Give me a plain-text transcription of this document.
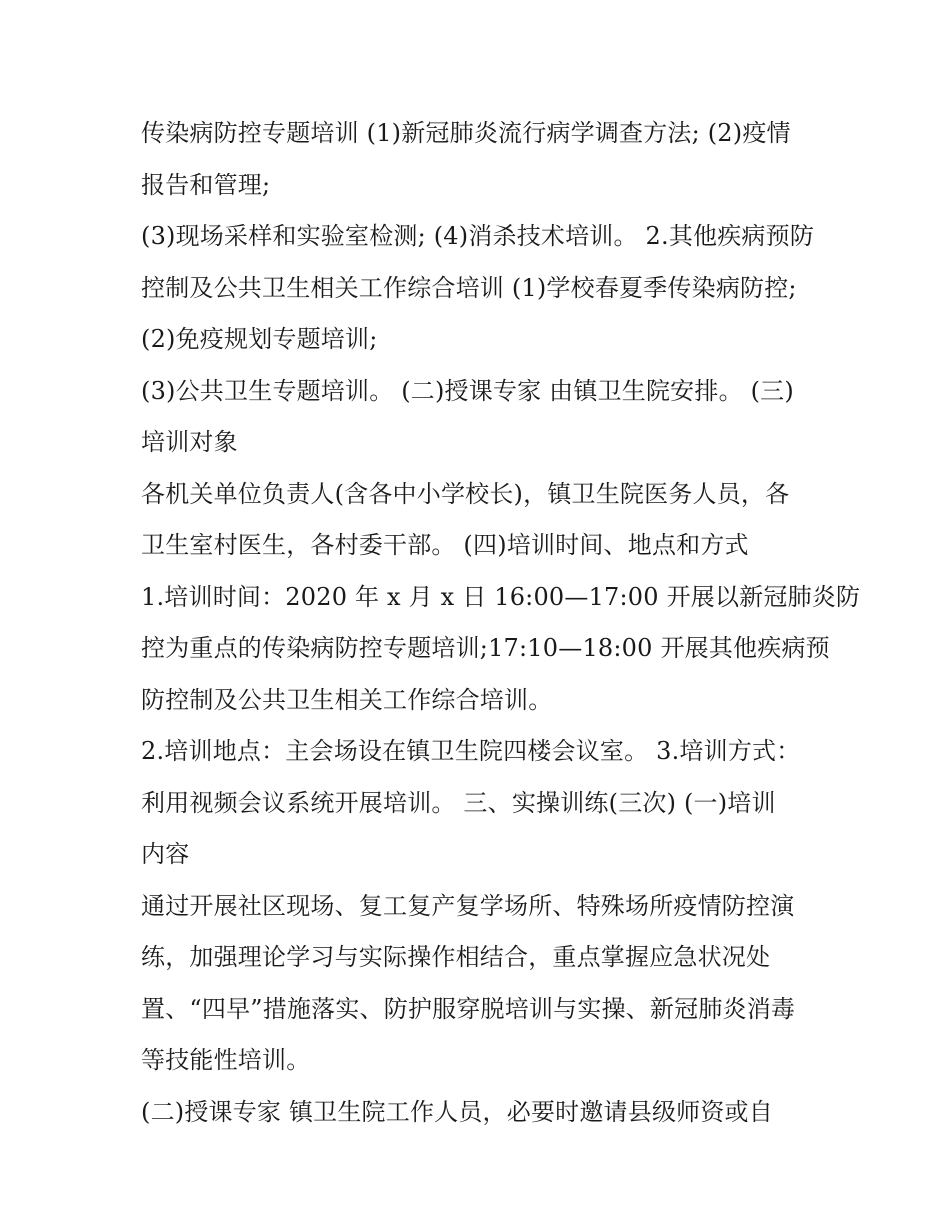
传染病防控专题培训 (1)新冠肺炎流行病学调查方法; (2)疫情
报告和管理;
(3)现场采样和实验室检测; (4)消杀技术培训。 2.其他疾病预防
控制及公共卫生相关工作综合培训 (1)学校春夏季传染病防控;
(2)免疫规划专题培训;
(3)公共卫生专题培训。 (二)授课专家 由镇卫生院安排。 (三)
培训对象
各机关单位负责人(含各中小学校长)，镇卫生院医务人员，各
卫生室村医生，各村委干部。 (四)培训时间、地点和方式
1.培训时间：2020 年 x 月 x 日 16:00—17:00 开展以新冠肺炎防
控为重点的传染病防控专题培训;17:10—18:00 开展其他疾病预
防控制及公共卫生相关工作综合培训。
2.培训地点：主会场设在镇卫生院四楼会议室。 3.培训方式：
利用视频会议系统开展培训。 三、实操训练(三次) (一)培训
内容
通过开展社区现场、复工复产复学场所、特殊场所疫情防控演
练，加强理论学习与实际操作相结合，重点掌握应急状况处
置、“四早”措施落实、防护服穿脱培训与实操、新冠肺炎消毒
等技能性培训。
(二)授课专家 镇卫生院工作人员，必要时邀请县级师资或自
